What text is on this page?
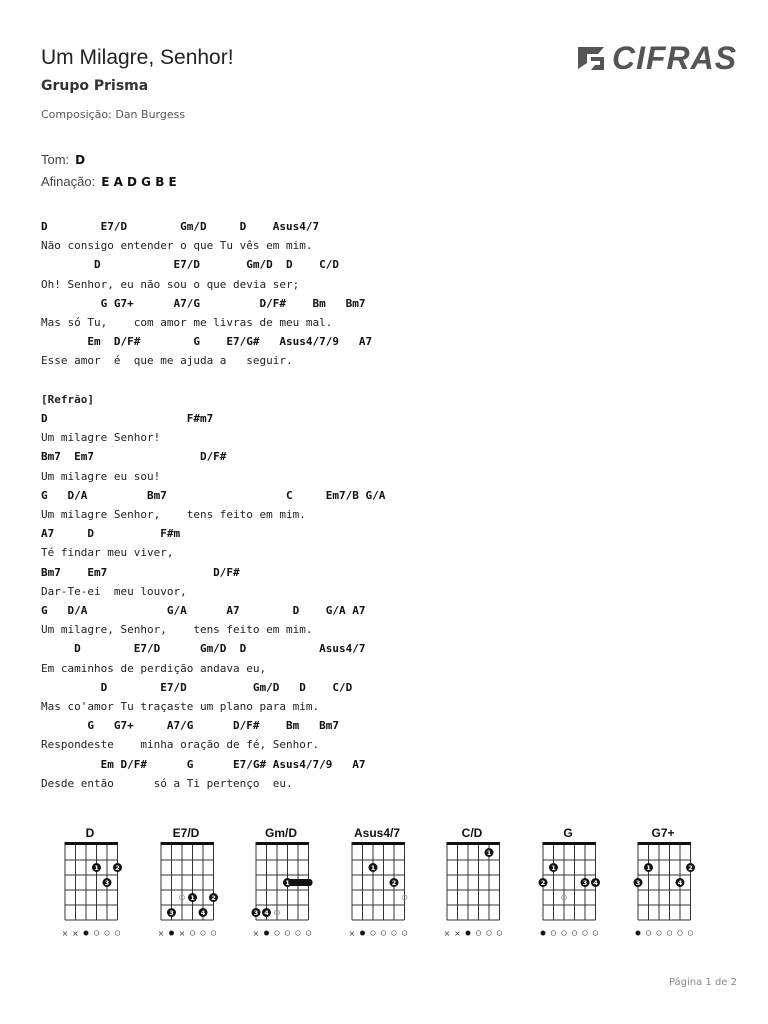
Um Milagre, Senhor!
Grupo Prisma
Composição: Dan Burgess
CIFRAS
Tom: D
Afinação: E A D G B E
D        E7/D        Gm/D     D    Asus4/7
Não consigo entender o que Tu vês em mim.
D           E7/D       Gm/D  D    C/D
Oh! Senhor, eu não sou o que devia ser;
G G7+      A7/G         D/F#    Bm   Bm7
Mas só Tu,    com amor me livras de meu mal.
Em  D/F#        G    E7/G#   Asus4/7/9   A7
Esse amor  é  que me ajuda a   seguir.

[Refrão]
D                     F#m7
Um milagre Senhor!
Bm7  Em7                D/F#
Um milagre eu sou!
G   D/A         Bm7                  C     Em7/B G/A
Um milagre Senhor,    tens feito em mim.
A7     D          F#m
Té findar meu viver,
Bm7    Em7                D/F#
Dar-Te-ei  meu louvor,
G   D/A            G/A      A7        D    G/A A7
Um milagre, Senhor,    tens feito em mim.
D        E7/D      Gm/D  D           Asus4/7
Em caminhos de perdição andava eu,
D        E7/D          Gm/D   D    C/D
Mas co'amor Tu traçaste um plano para mim.
G   G7+     A7/G      D/F#    Bm   Bm7
Respondeste    minha oração de fé, Senhor.
Em D/F#      G      E7/G# Asus4/7/9   A7
Desde então      só a Ti pertenço  eu.
D
1	2
3
× ×
E7/D
3
1	2
4
× ×
Gm/D
1
3 4
×
Asus4/7
1
2
×
C/D
1
× ×
G
2
1
3 4
G7+
3
1
4
2
Página 1 de 2
